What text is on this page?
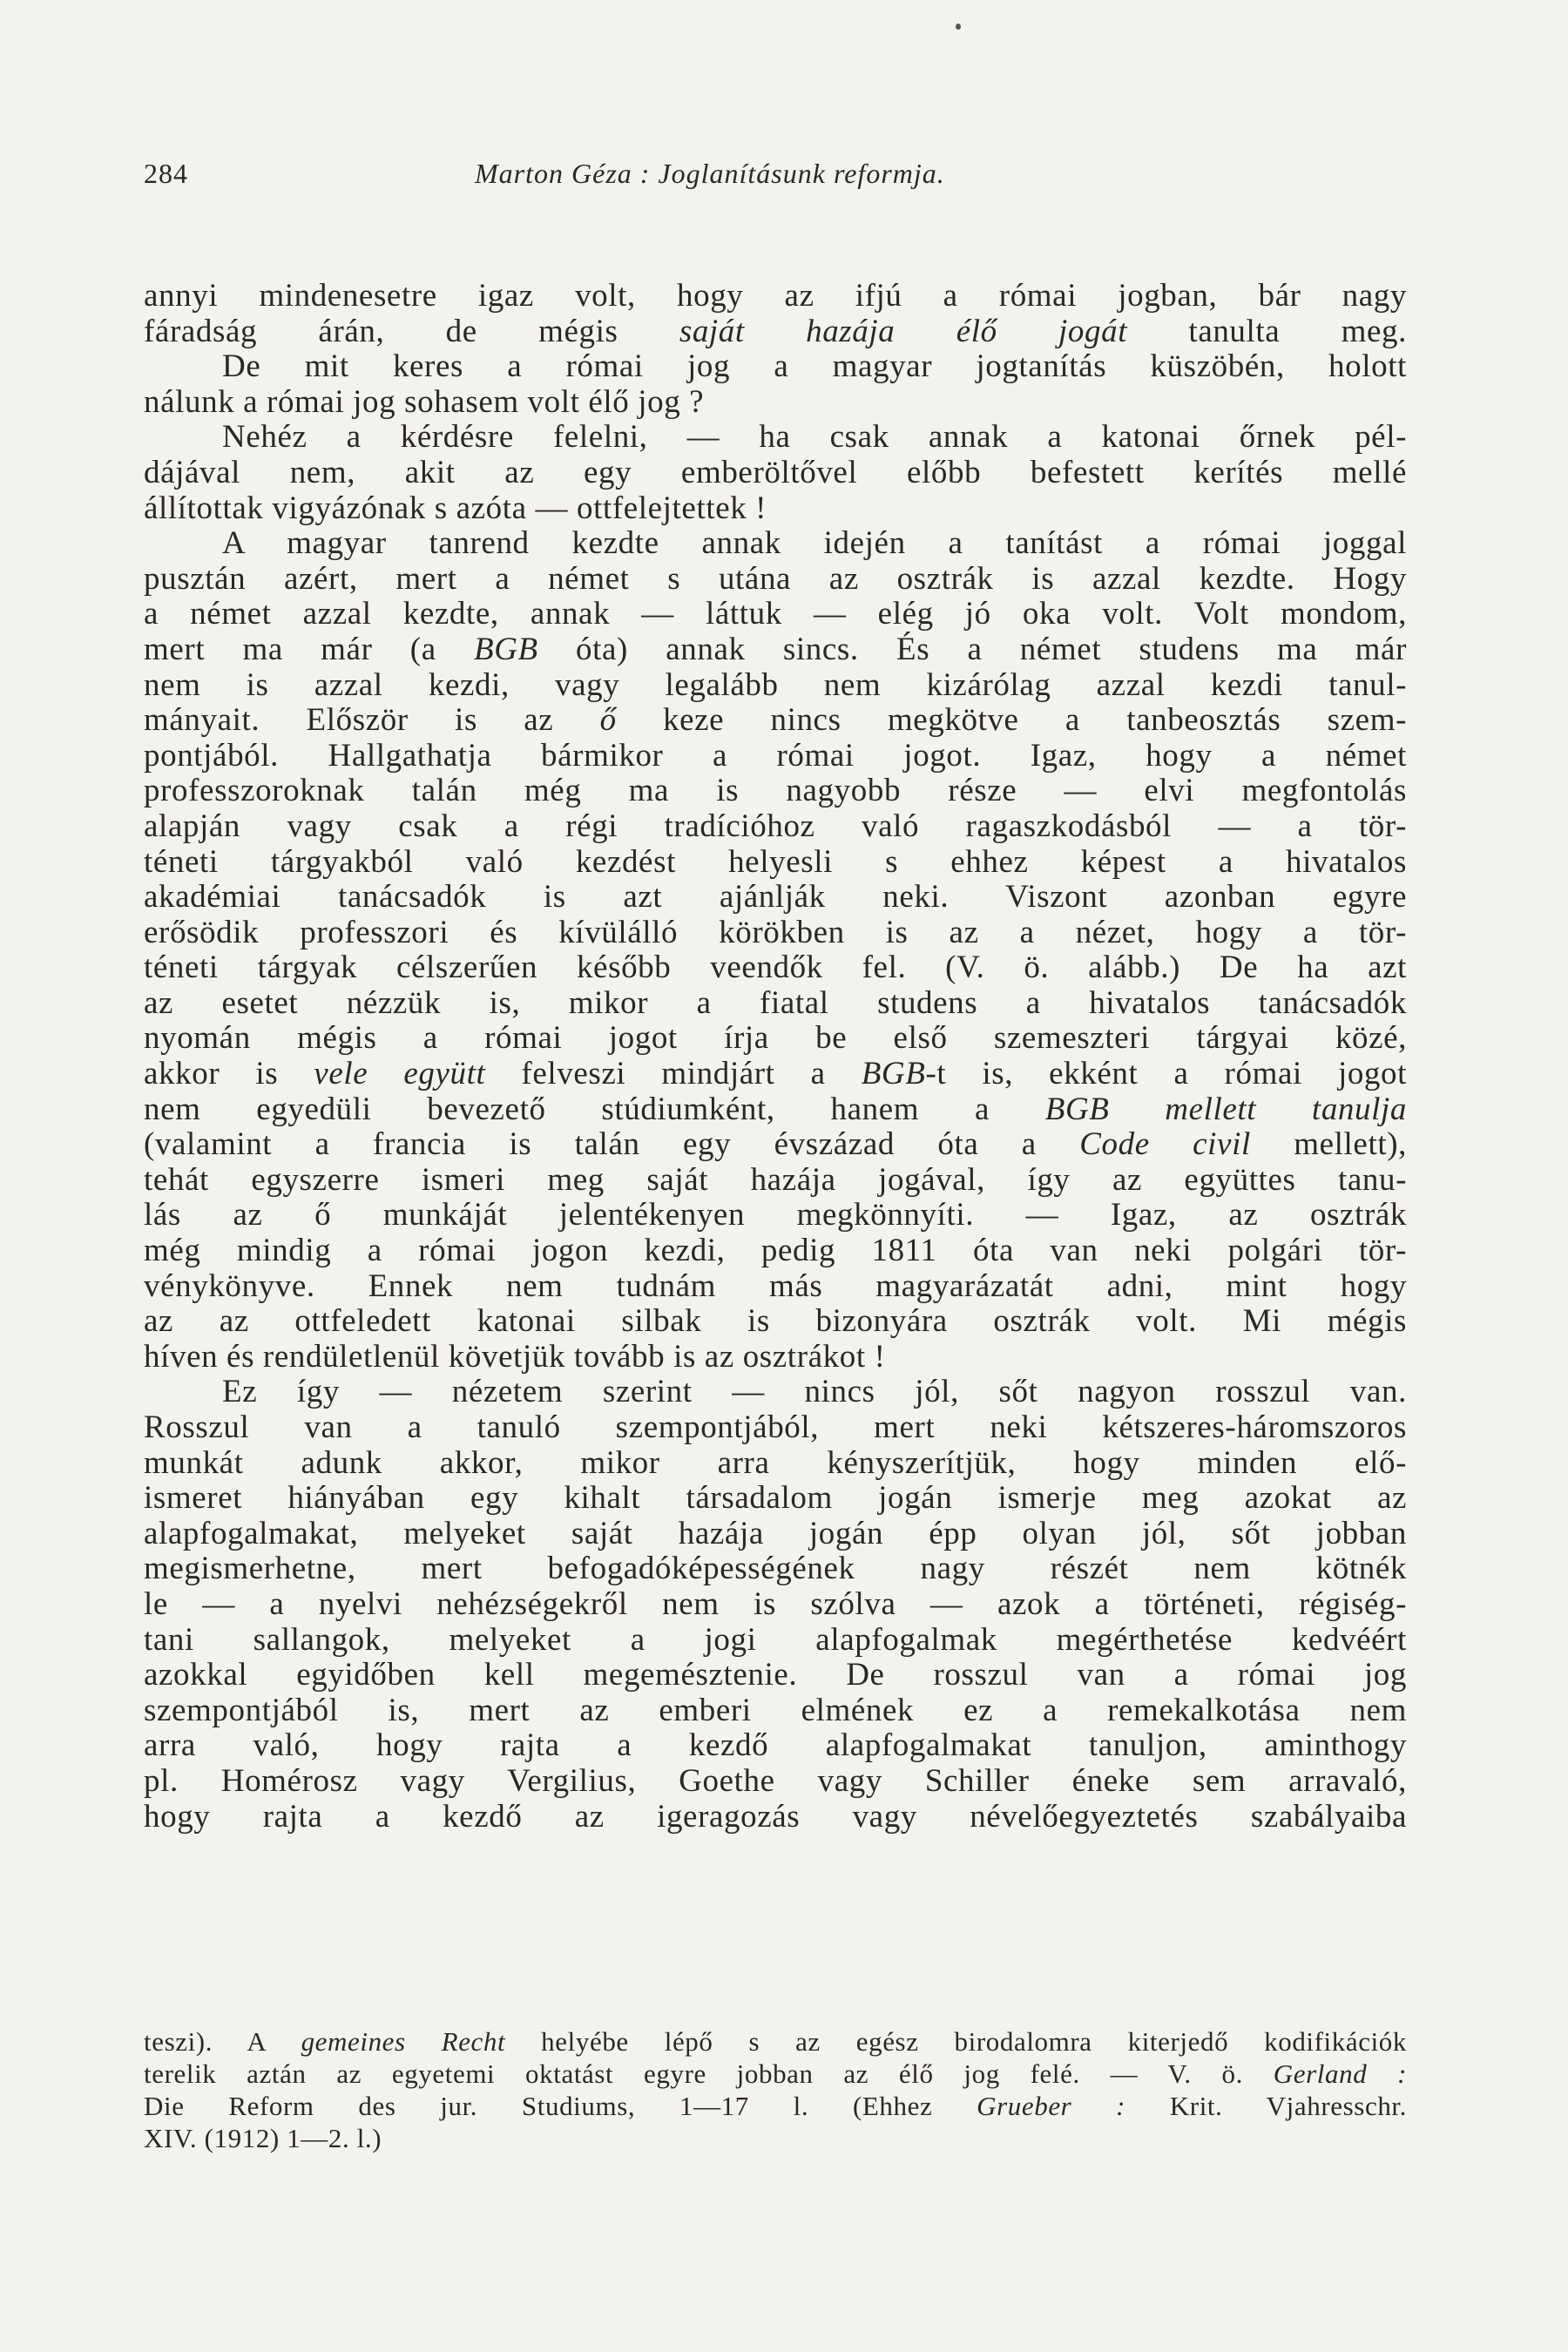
284	Marton Géza : Joglanításunk reformja.
annyi mindenesetre igaz volt, hogy az ifjú a római jogban, bár nagy
fáradság árán, de mégis saját hazája élő jogát tanulta meg.
De mit keres a római jog a magyar jogtanítás küszöbén, holott
nálunk a római jog sohasem volt élő jog ?
Nehéz a kérdésre felelni, — ha csak annak a katonai őrnek pél-
dájával nem, akit az egy emberöltővel előbb befestett kerítés mellé
állítottak vigyázónak s azóta — ottfelejtettek !
A magyar tanrend kezdte annak idején a tanítást a római joggal
pusztán azért, mert a német s utána az osztrák is azzal kezdte. Hogy
a német azzal kezdte, annak — láttuk — elég jó oka volt. Volt mondom,
mert ma már (a BGB óta) annak sincs. És a német studens ma már
nem is azzal kezdi, vagy legalább nem kizárólag azzal kezdi tanul-
mányait. Először is az ő keze nincs megkötve a tanbeosztás szem-
pontjából. Hallgathatja bármikor a római jogot. Igaz, hogy a német
professzoroknak talán még ma is nagyobb része — elvi megfontolás
alapján vagy csak a régi tradícióhoz való ragaszkodásból — a tör-
téneti tárgyakból való kezdést helyesli s ehhez képest a hivatalos
akadémiai tanácsadók is azt ajánlják neki. Viszont azonban egyre
erősödik professzori és kívülálló körökben is az a nézet, hogy a tör-
téneti tárgyak célszerűen később veendők fel. (V. ö. alább.) De ha azt
az esetet nézzük is, mikor a fiatal studens a hivatalos tanácsadók
nyomán mégis a római jogot írja be első szemeszteri tárgyai közé,
akkor is vele együtt felveszi mindjárt a BGB-t is, ekként a római jogot
nem egyedüli bevezető stúdiumként, hanem a BGB mellett tanulja
(valamint a francia is talán egy évszázad óta a Code civil mellett),
tehát egyszerre ismeri meg saját hazája jogával, így az együttes tanu-
lás az ő munkáját jelentékenyen megkönnyíti. — Igaz, az osztrák
még mindig a római jogon kezdi, pedig 1811 óta van neki polgári tör-
vénykönyve. Ennek nem tudnám más magyarázatát adni, mint hogy
az az ottfeledett katonai silbak is bizonyára osztrák volt. Mi mégis
híven és rendületlenül követjük tovább is az osztrákot !
Ez így — nézetem szerint — nincs jól, sőt nagyon rosszul van.
Rosszul van a tanuló szempontjából, mert neki kétszeres-háromszoros
munkát adunk akkor, mikor arra kényszerítjük, hogy minden elő-
ismeret hiányában egy kihalt társadalom jogán ismerje meg azokat az
alapfogalmakat, melyeket saját hazája jogán épp olyan jól, sőt jobban
megismerhetne, mert befogadóképességének nagy részét nem kötnék
le — a nyelvi nehézségekről nem is szólva — azok a történeti, régiség-
tani sallangok, melyeket a jogi alapfogalmak megérthetése kedvéért
azokkal egyidőben kell megemésztenie. De rosszul van a római jog
szempontjából is, mert az emberi elmének ez a remekalkotása nem
arra való, hogy rajta a kezdő alapfogalmakat tanuljon, aminthogy
pl. Homérosz vagy Vergilius, Goethe vagy Schiller éneke sem arravaló,
hogy rajta a kezdő az igeragozás vagy névelőegyeztetés szabályaiba
teszi). A gemeines Recht helyébe lépő s az egész birodalomra kiterjedő kodifikációk
terelik aztán az egyetemi oktatást egyre jobban az élő jog felé. — V. ö. Gerland :
Die Reform des jur. Studiums, 1—17 l. (Ehhez Grueber : Krit. Vjahresschr.
XIV. (1912) 1—2. l.)
